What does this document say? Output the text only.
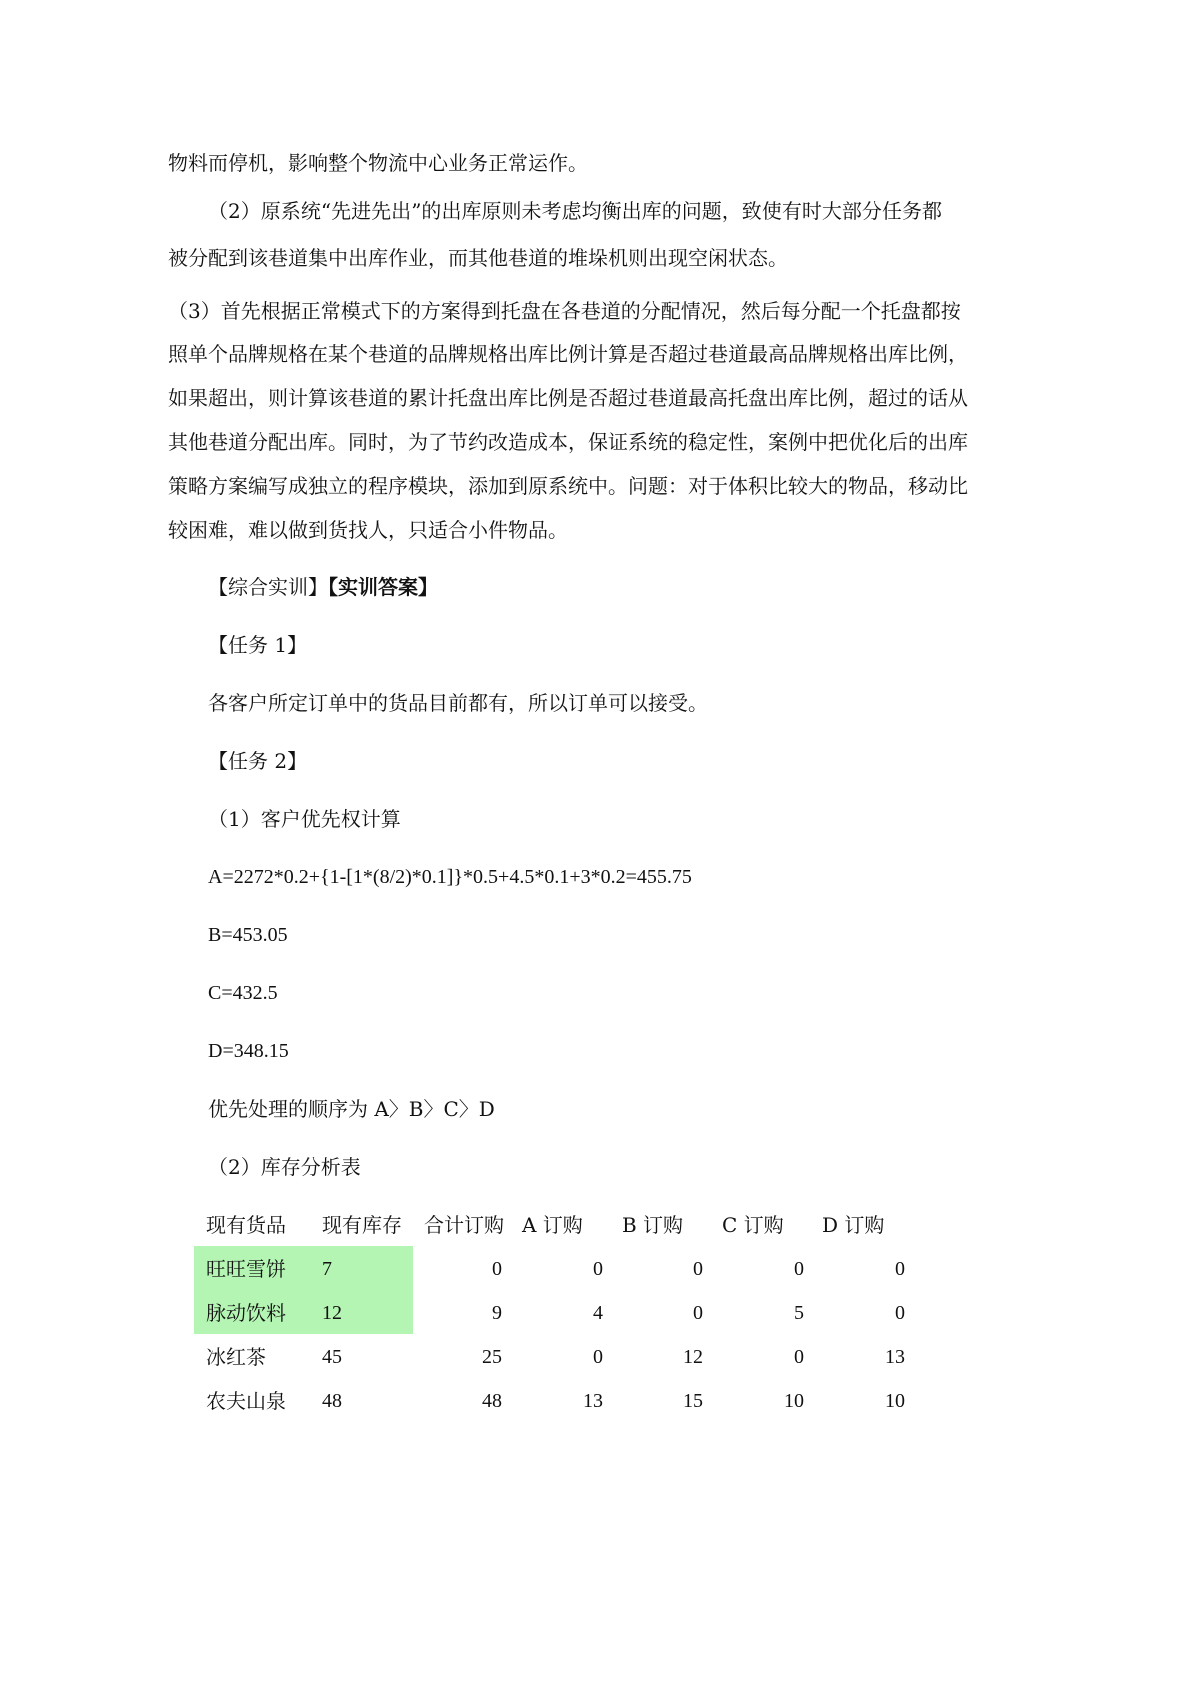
物料而停机，影响整个物流中心业务正常运作。
（2）原系统“先进先出”的出库原则未考虑均衡出库的问题，致使有时大部分任务都
被分配到该巷道集中出库作业，而其他巷道的堆垛机则出现空闲状态。
（3）首先根据正常模式下的方案得到托盘在各巷道的分配情况，然后每分配一个托盘都按
照单个品牌规格在某个巷道的品牌规格出库比例计算是否超过巷道最高品牌规格出库比例，
如果超出，则计算该巷道的累计托盘出库比例是否超过巷道最高托盘出库比例，超过的话从
其他巷道分配出库。同时，为了节约改造成本，保证系统的稳定性，案例中把优化后的出库
策略方案编写成独立的程序模块，添加到原系统中。问题：对于体积比较大的物品，移动比
较困难，难以做到货找人，只适合小件物品。
【综合实训】【实训答案】
【任务 1】
各客户所定订单中的货品目前都有，所以订单可以接受。
【任务 2】
（1）客户优先权计算
A=2272*0.2+{1-[1*(8/2)*0.1]}*0.5+4.5*0.1+3*0.2=455.75
B=453.05
C=432.5
D=348.15
优先处理的顺序为 A〉B〉C〉D
（2）库存分析表
现有货品 现有库存 合计订购 A 订购 B 订购 C 订购 D 订购
旺旺雪饼 7	0	0	0	0	0
脉动饮料 12	9	4	0	5	0
冰红茶	45	25	0	12	0	13
农夫山泉 48	48	13	15	10	10
